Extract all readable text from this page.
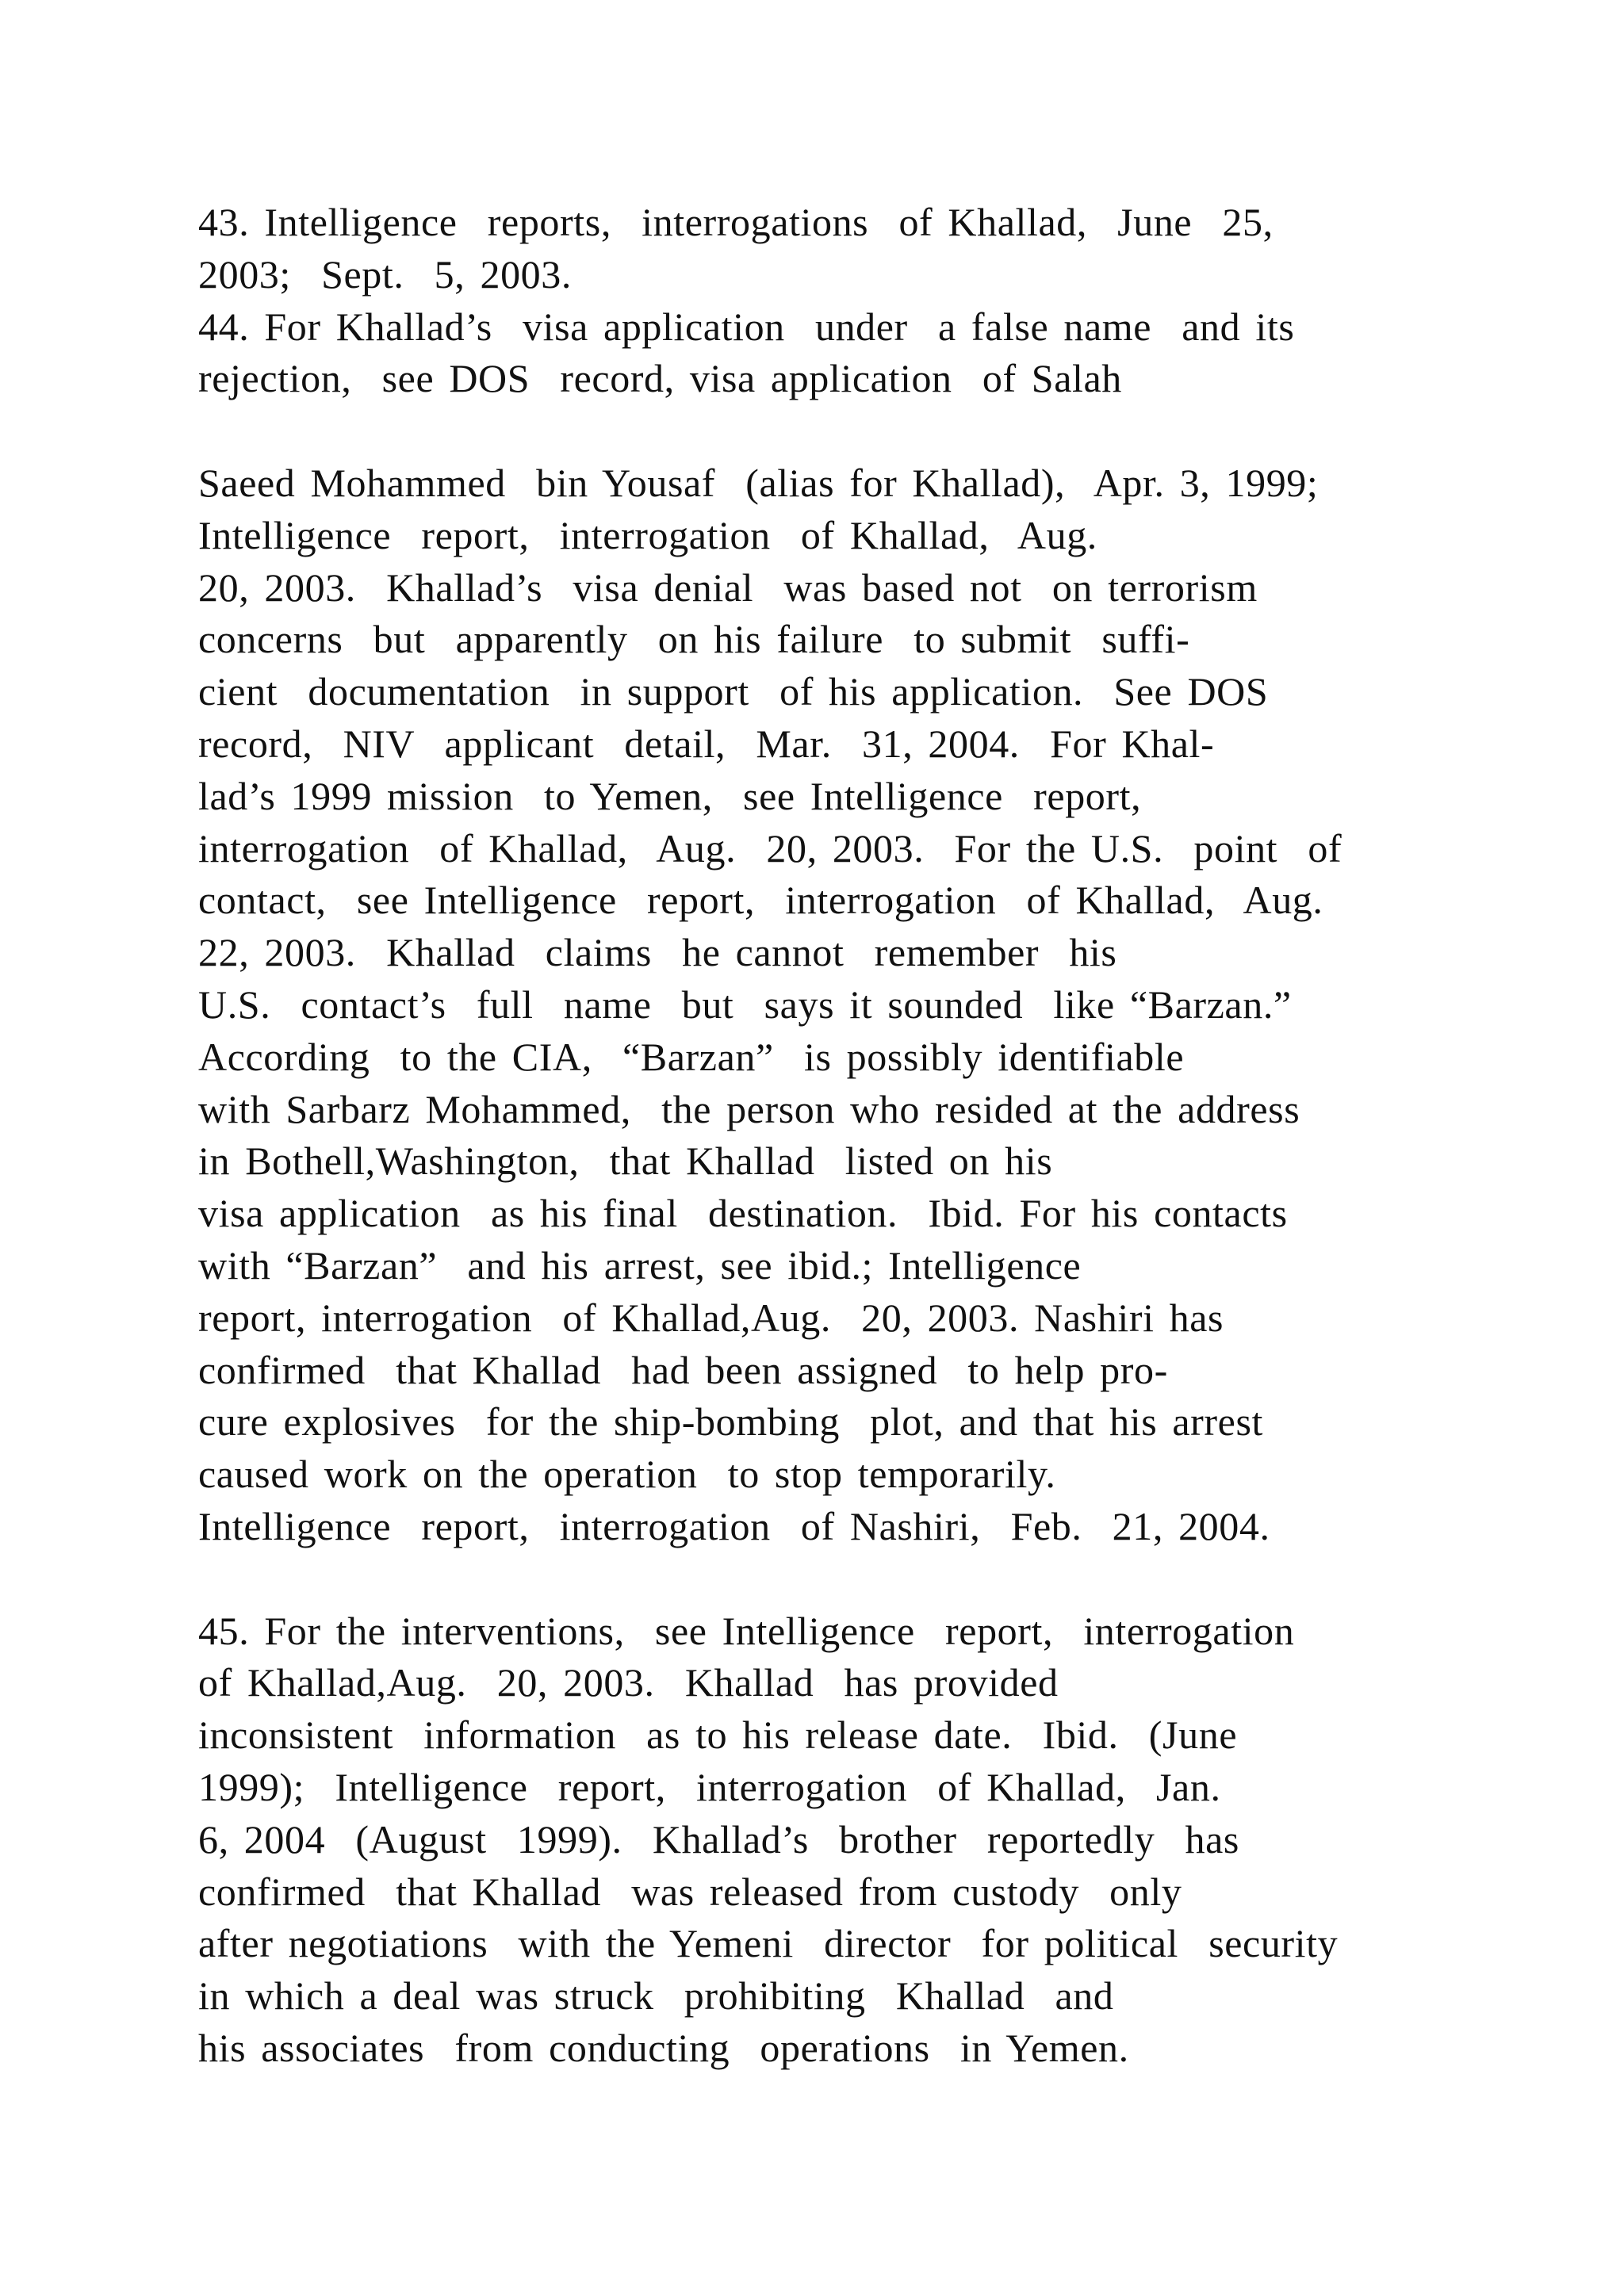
43. Intelligence  reports,  interrogations  of Khallad,  June  25,
2003;  Sept.  5, 2003.
44. For Khallad’s  visa application  under  a false name  and its
rejection,  see DOS  record, visa application  of Salah
Saeed Mohammed  bin Yousaf  (alias for Khallad),  Apr. 3, 1999;
Intelligence  report,  interrogation  of Khallad,  Aug.
20, 2003.  Khallad’s  visa denial  was based not  on terrorism
concerns  but  apparently  on his failure  to submit  suffi-
cient  documentation  in support  of his application.  See DOS
record,  NIV  applicant  detail,  Mar.  31, 2004.  For Khal-
lad’s 1999 mission  to Yemen,  see Intelligence  report,
interrogation  of Khallad,  Aug.  20, 2003.  For the U.S.  point  of
contact,  see Intelligence  report,  interrogation  of Khallad,  Aug.
22, 2003.  Khallad  claims  he cannot  remember  his
U.S.  contact’s  full  name  but  says it sounded  like “Barzan.”
According  to the CIA,  “Barzan”  is possibly identifiable
with Sarbarz Mohammed,  the person who resided at the address
in Bothell,Washington,  that Khallad  listed on his
visa application  as his final  destination.  Ibid. For his contacts
with “Barzan”  and his arrest, see ibid.; Intelligence
report, interrogation  of Khallad,Aug.  20, 2003. Nashiri has
confirmed  that Khallad  had been assigned  to help pro-
cure explosives  for the ship-bombing  plot, and that his arrest
caused work on the operation  to stop temporarily.
Intelligence  report,  interrogation  of Nashiri,  Feb.  21, 2004.
45. For the interventions,  see Intelligence  report,  interrogation
of Khallad,Aug.  20, 2003.  Khallad  has provided
inconsistent  information  as to his release date.  Ibid.  (June
1999);  Intelligence  report,  interrogation  of Khallad,  Jan.
6, 2004  (August  1999).  Khallad’s  brother  reportedly  has
confirmed  that Khallad  was released from custody  only
after negotiations  with the Yemeni  director  for political  security
in which a deal was struck  prohibiting  Khallad  and
his associates  from conducting  operations  in Yemen.
